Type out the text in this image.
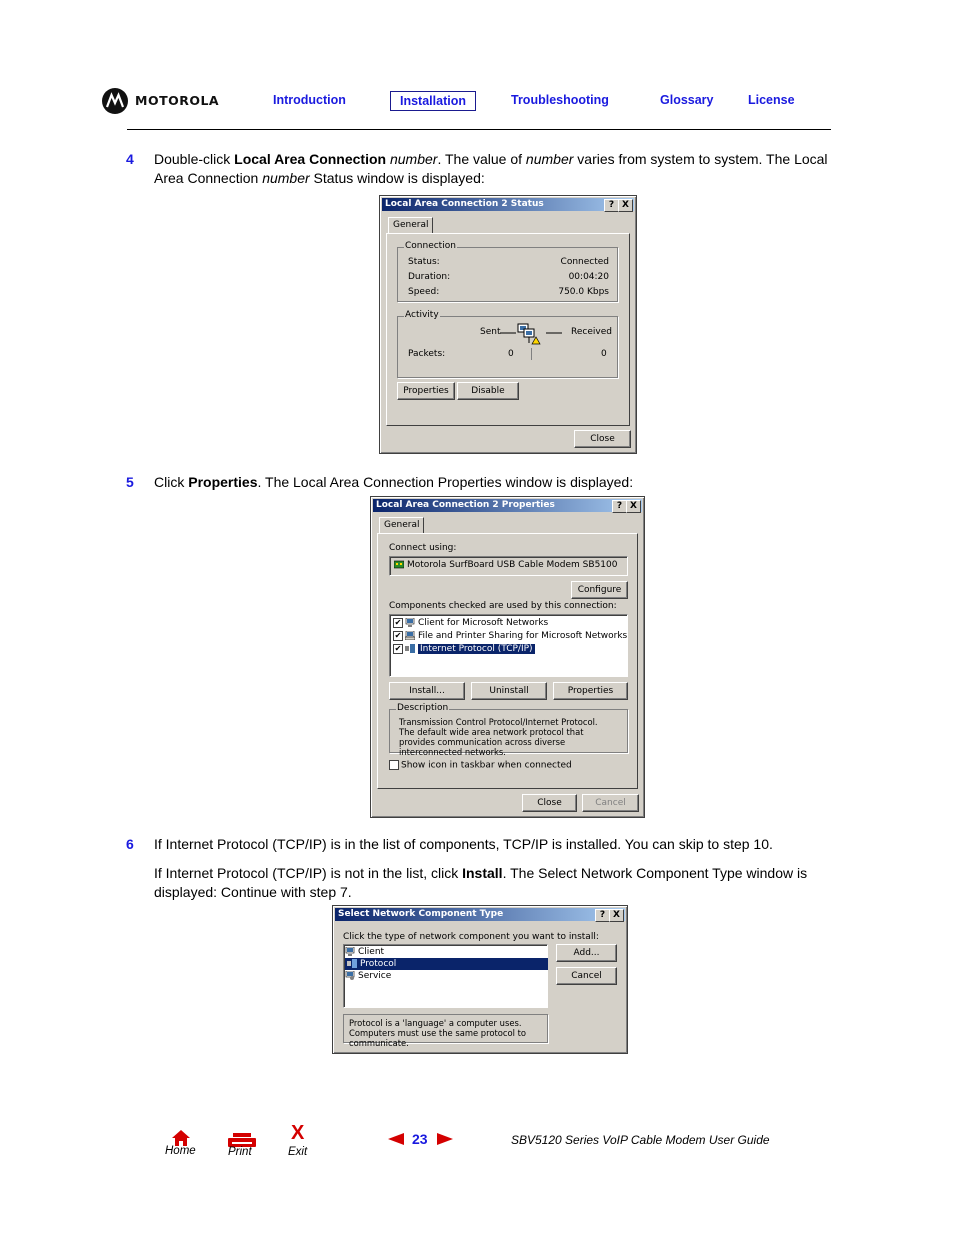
MOTOROLA	Introduction	Installation	Troubleshooting	Glossary	License
4 Double-click Local Area Connection number. The value of number varies from system to system. The Local Area Connection number Status window is displayed:
Local Area Connection 2 Status	? X
General
Connection
Status:	Connected
Duration:	00:04:20
Speed:	750.0 Kbps
Activity
Sent	Received
Packets:	0	0
Properties	Disable
Close
5 Click Properties. The Local Area Connection Properties window is displayed:
Local Area Connection 2 Properties	? X
General
Connect using:
Motorola SurfBoard USB Cable Modem SB5100
Configure
Components checked are used by this connection:
✔ Client for Microsoft Networks
✔ File and Printer Sharing for Microsoft Networks
✔ Internet Protocol (TCP/IP)
Install...	Uninstall	Properties
Description
Transmission Control Protocol/Internet Protocol. The default wide area network protocol that provides communication across diverse interconnected networks.
Show icon in taskbar when connected
Close	Cancel
6 If Internet Protocol (TCP/IP) is in the list of components, TCP/IP is installed. You can skip to step 10.
If Internet Protocol (TCP/IP) is not in the list, click Install. The Select Network Component Type window is displayed: Continue with step 7.
Select Network Component Type	? X
Click the type of network component you want to install:
Client
Protocol
Service
Add...
Cancel
Protocol is a 'language' a computer uses. Computers must use the same protocol to communicate.
Home	Print
X
Exit
23	SBV5120 Series VoIP Cable Modem User Guide
